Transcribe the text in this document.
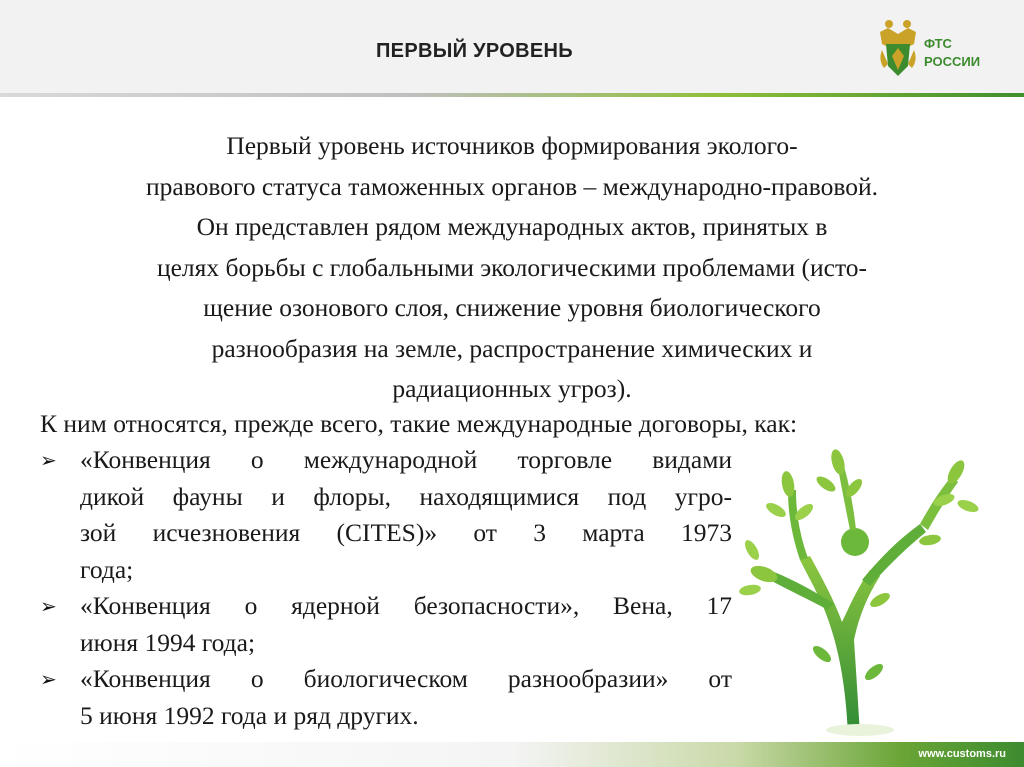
ПЕРВЫЙ УРОВЕНЬ	ФТС
РОССИИ

Первый уровень источников формирования эколого-

правового статуса таможенных органов – международно-правовой.

Он представлен рядом международных актов, принятых в

целях борьбы с глобальными экологическими проблемами (исто-

щение озонового слоя, снижение уровня биологического

разнообразия на земле, распространение химических и

радиационных угроз).

К ним относятся, прежде всего, такие международные договоры, как:
➢ «Конвенция о международной торговле видами
дикой фауны и флоры, находящимися под угро-
зой исчезновения (CITES)» от 3 марта 1973
года;
➢ «Конвенция о ядерной безопасности», Вена, 17
июня 1994 года;
➢ «Конвенция о биологическом разнообразии» от
5 июня 1992 года и ряд других.
www.customs.ru
